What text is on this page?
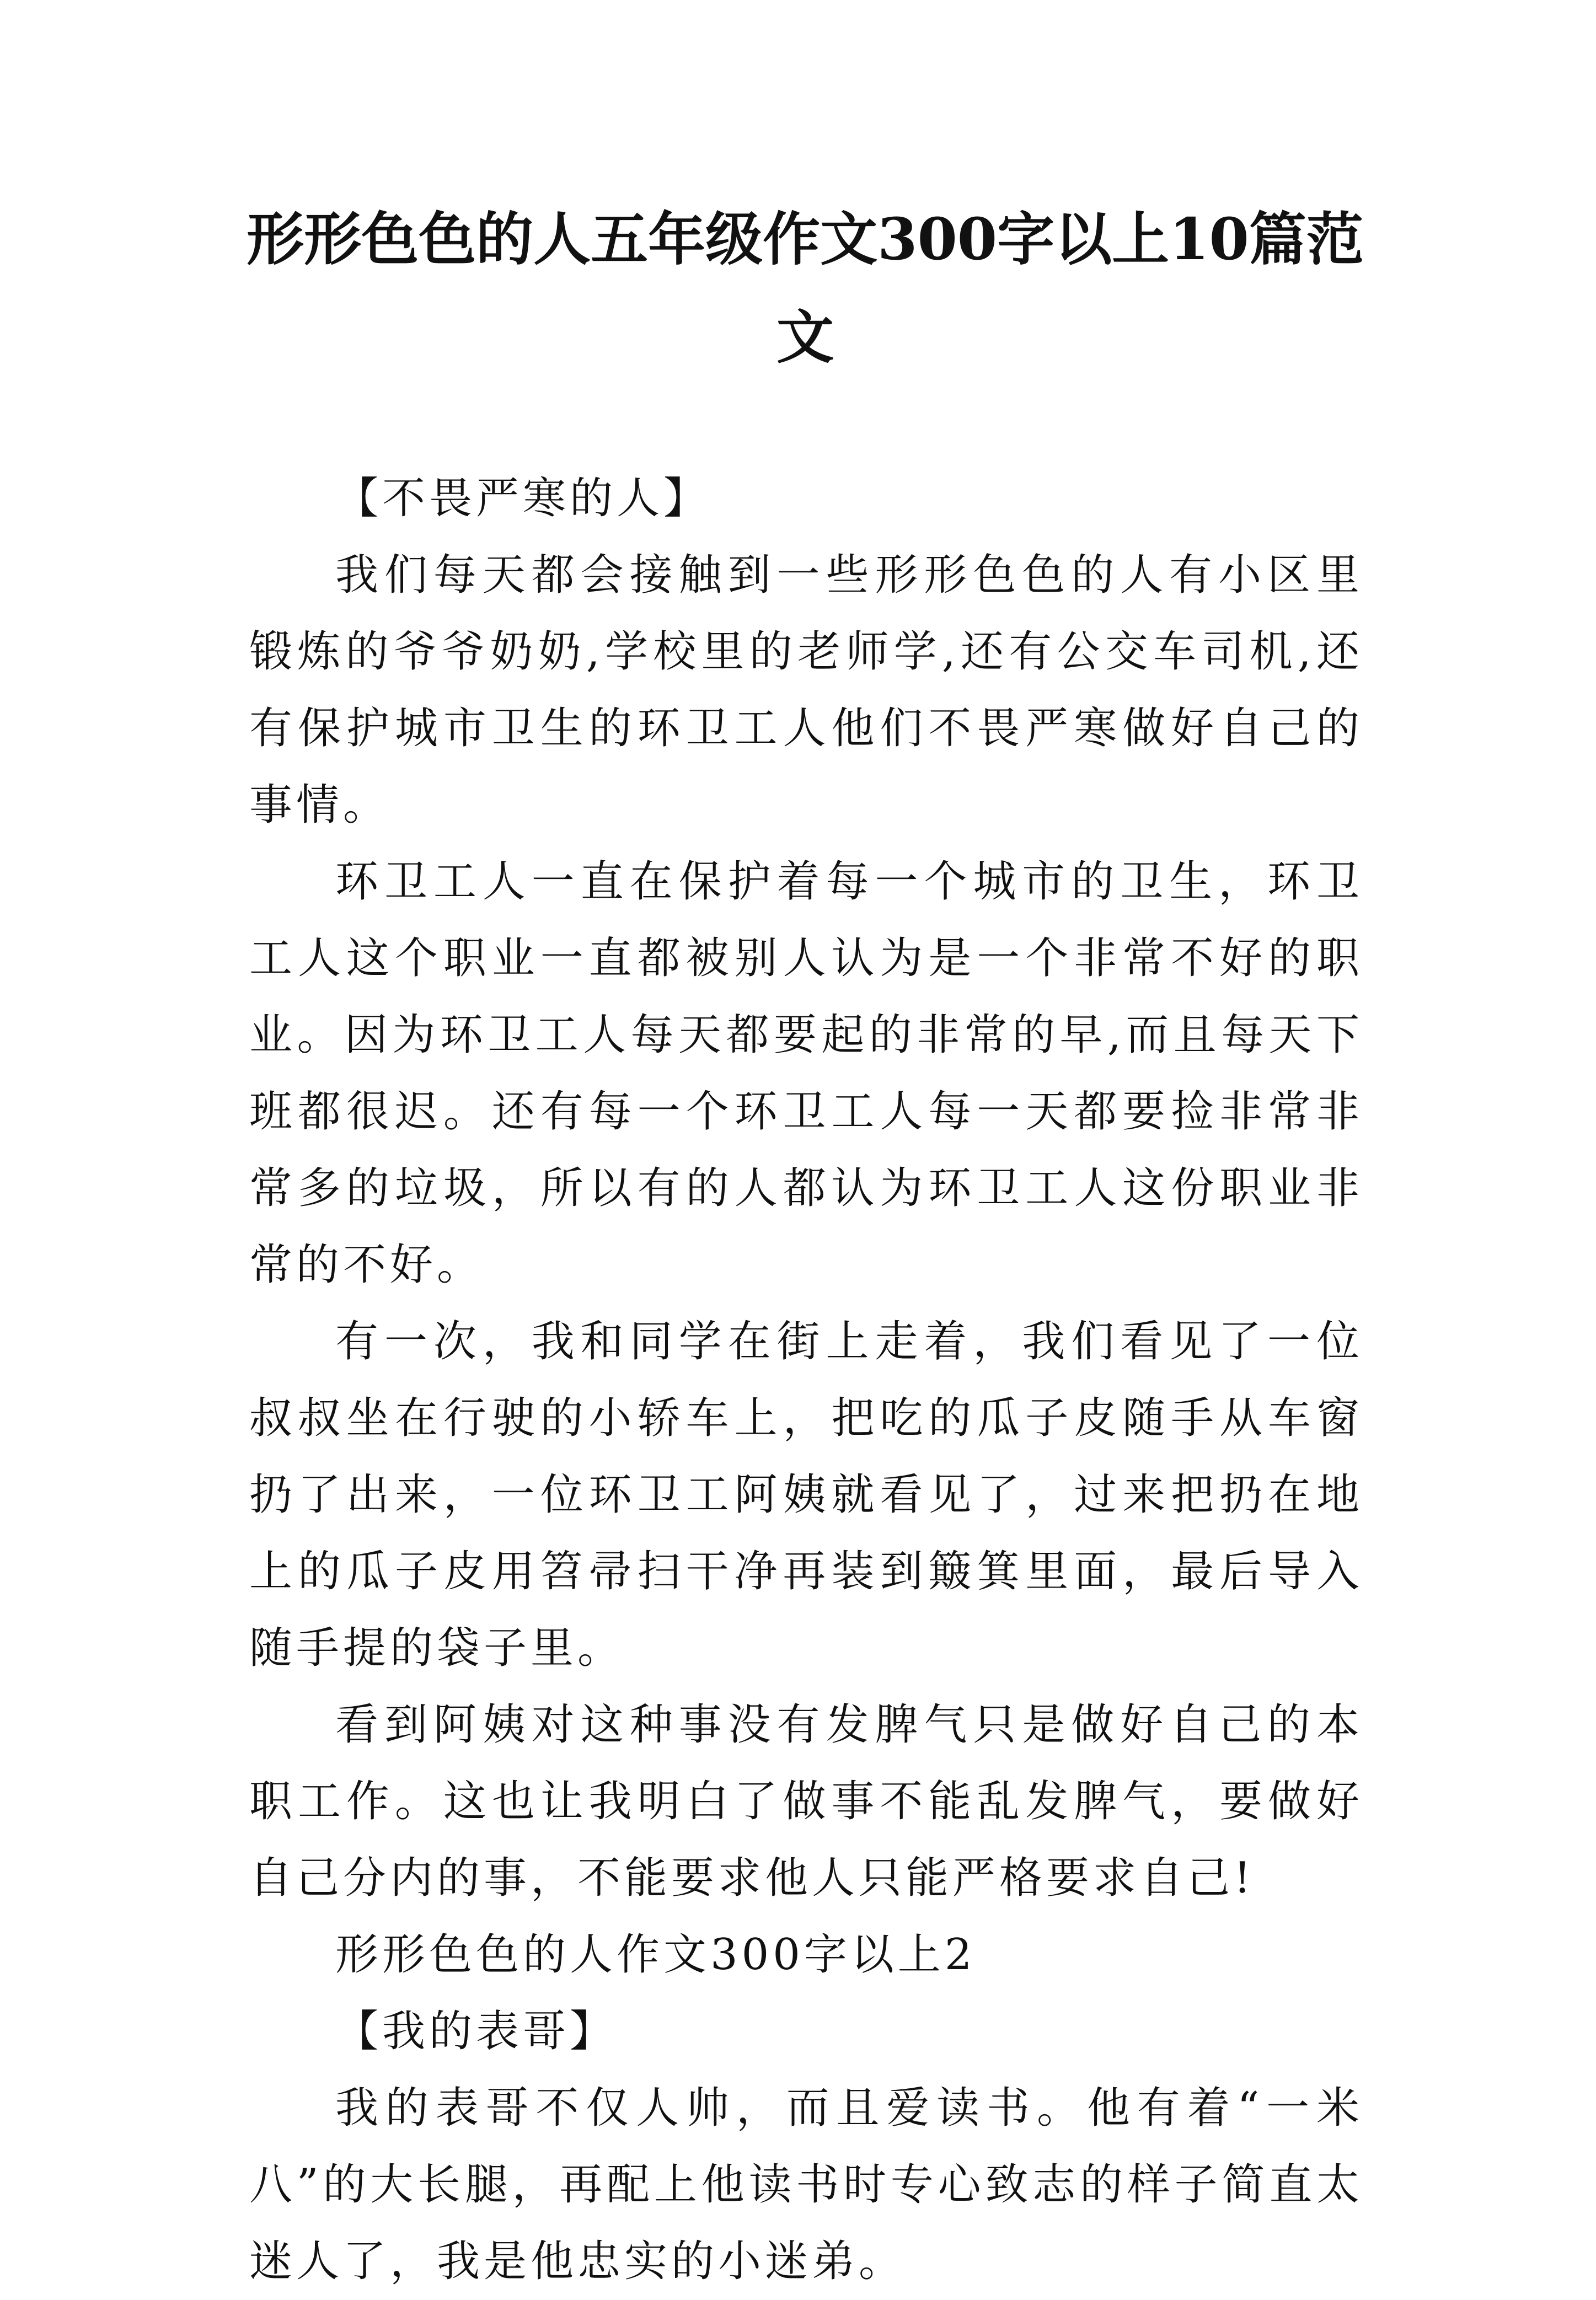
形形色色的人五年级作文300字以上10篇范文

【不畏严寒的人】

我们每天都会接触到一些形形色色的人有小区里锻炼的爷爷奶奶,学校里的老师学,还有公交车司机,还有保护城市卫生的环卫工人他们不畏严寒做好自己的事情。

环卫工人一直在保护着每一个城市的卫生，环卫工人这个职业一直都被别人认为是一个非常不好的职业。因为环卫工人每天都要起的非常的早,而且每天下班都很迟。还有每一个环卫工人每一天都要捡非常非常多的垃圾，所以有的人都认为环卫工人这份职业非常的不好。

有一次，我和同学在街上走着，我们看见了一位叔叔坐在行驶的小轿车上，把吃的瓜子皮随手从车窗扔了出来，一位环卫工阿姨就看见了，过来把扔在地上的瓜子皮用笤帚扫干净再装到簸箕里面，最后导入随手提的袋子里。

看到阿姨对这种事没有发脾气只是做好自己的本职工作。这也让我明白了做事不能乱发脾气，要做好自己分内的事，不能要求他人只能严格要求自己!

形形色色的人作文300字以上2

【我的表哥】

我的表哥不仅人帅，而且爱读书。他有着“一米八”的大长腿，再配上他读书时专心致志的样子简直太迷人了，我是他忠实的小迷弟。
